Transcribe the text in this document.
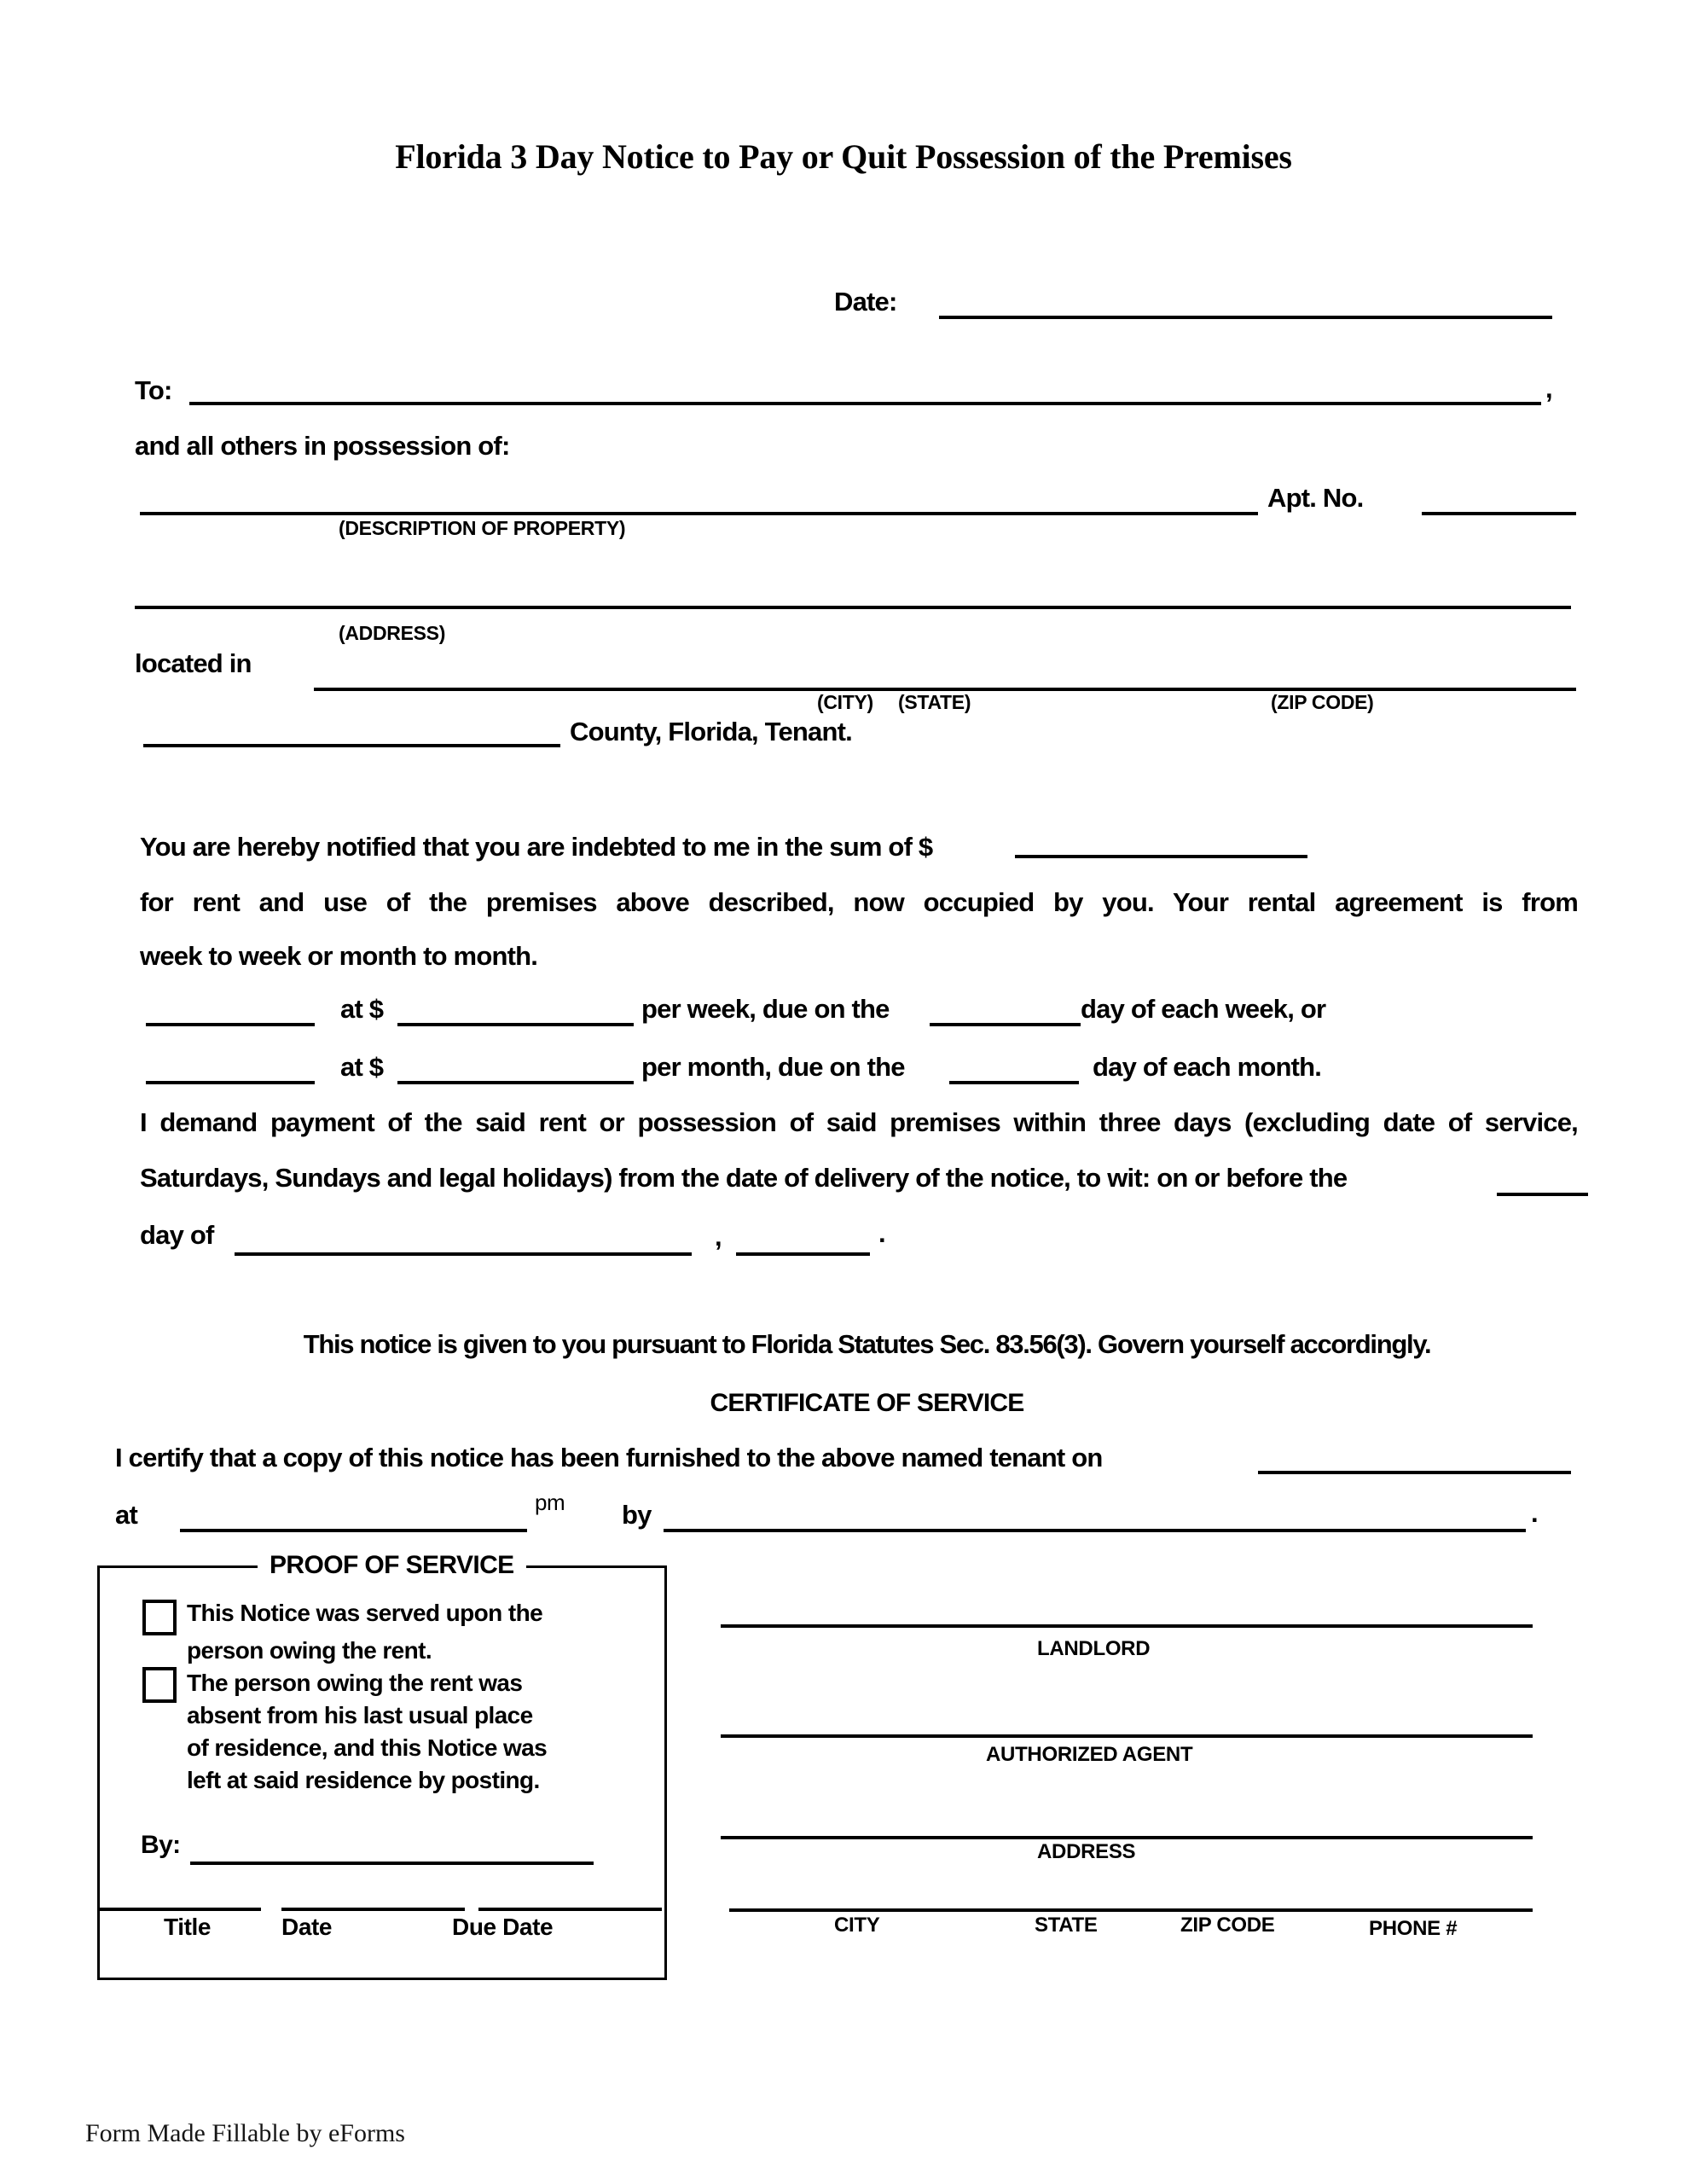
Florida 3 Day Notice to Pay or Quit Possession of the Premises
Date:
To:	,
and all others in possession of:
Apt. No.
(DESCRIPTION OF PROPERTY)
(ADDRESS)
located in
(CITY) (STATE)	(ZIP CODE)
County, Florida, Tenant.
You are hereby notified that you are indebted to me in the sum of $
for rent and use of the premises above described, now occupied by you. Your rental agreement is from
week to week or month to month.
at $	per week, due on the	day of each week, or
at $	per month, due on the	day of each month.
I demand payment of the said rent or possession of said premises within three days (excluding date of service,
Saturdays, Sundays and legal holidays) from the date of delivery of the notice, to wit: on or before the
day of	,	.
This notice is given to you pursuant to Florida Statutes Sec. 83.56(3). Govern yourself accordingly.
CERTIFICATE OF SERVICE
I certify that a copy of this notice has been furnished to the above named tenant on
at	pm by	.
PROOF OF SERVICE
This Notice was served upon the
person owing the rent.
The person owing the rent was
absent from his last usual place
of residence, and this Notice was
left at said residence by posting.
By:
Title	Date	Due Date
LANDLORD
AUTHORIZED AGENT
ADDRESS
CITY	STATE	ZIP CODE	PHONE #
Form Made Fillable by eForms
